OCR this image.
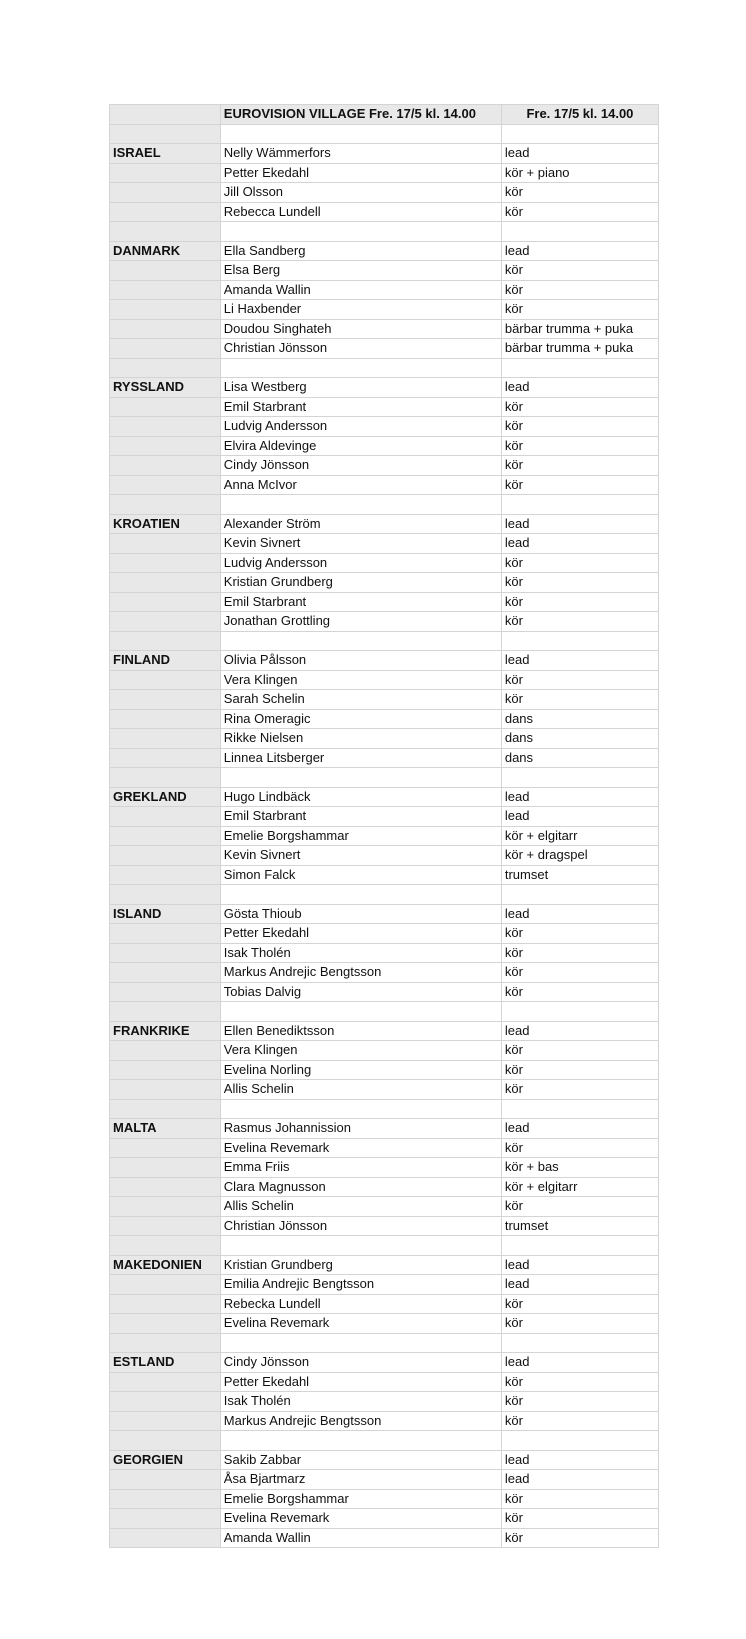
	EUROVISION VILLAGE Fre. 17/5 kl. 14.00	Fre. 17/5 kl. 14.00

ISRAEL	Nelly Wämmerfors	lead
	Petter Ekedahl	kör + piano
	Jill Olsson	kör
	Rebecca Lundell	kör

DANMARK	Ella Sandberg	lead
	Elsa Berg	kör
	Amanda Wallin	kör
	Li Haxbender	kör
	Doudou Singhateh	bärbar trumma + puka
	Christian Jönsson	bärbar trumma + puka

RYSSLAND	Lisa Westberg	lead
	Emil Starbrant	kör
	Ludvig Andersson	kör
	Elvira Aldevinge	kör
	Cindy Jönsson	kör
	Anna McIvor	kör

KROATIEN	Alexander Ström	lead
	Kevin Sivnert	lead
	Ludvig Andersson	kör
	Kristian Grundberg	kör
	Emil Starbrant	kör
	Jonathan Grottling	kör

FINLAND	Olivia Pålsson	lead
	Vera Klingen	kör
	Sarah Schelin	kör
	Rina Omeragic	dans
	Rikke Nielsen	dans
	Linnea Litsberger	dans

GREKLAND	Hugo Lindbäck	lead
	Emil Starbrant	lead
	Emelie Borgshammar	kör + elgitarr
	Kevin Sivnert	kör + dragspel
	Simon Falck	trumset

ISLAND	Gösta Thioub	lead
	Petter Ekedahl	kör
	Isak Tholén	kör
	Markus Andrejic Bengtsson	kör
	Tobias Dalvig	kör

FRANKRIKE	Ellen Benediktsson	lead
	Vera Klingen	kör
	Evelina Norling	kör
	Allis Schelin	kör

MALTA	Rasmus Johannission	lead
	Evelina Revemark	kör
	Emma Friis	kör + bas
	Clara Magnusson	kör + elgitarr
	Allis Schelin	kör
	Christian Jönsson	trumset

MAKEDONIEN	Kristian Grundberg	lead
	Emilia Andrejic Bengtsson	lead
	Rebecka Lundell	kör
	Evelina Revemark	kör

ESTLAND	Cindy Jönsson	lead
	Petter Ekedahl	kör
	Isak Tholén	kör
	Markus Andrejic Bengtsson	kör

GEORGIEN	Sakib Zabbar	lead
	Åsa Bjartmarz	lead
	Emelie Borgshammar	kör
	Evelina Revemark	kör
	Amanda Wallin	kör
